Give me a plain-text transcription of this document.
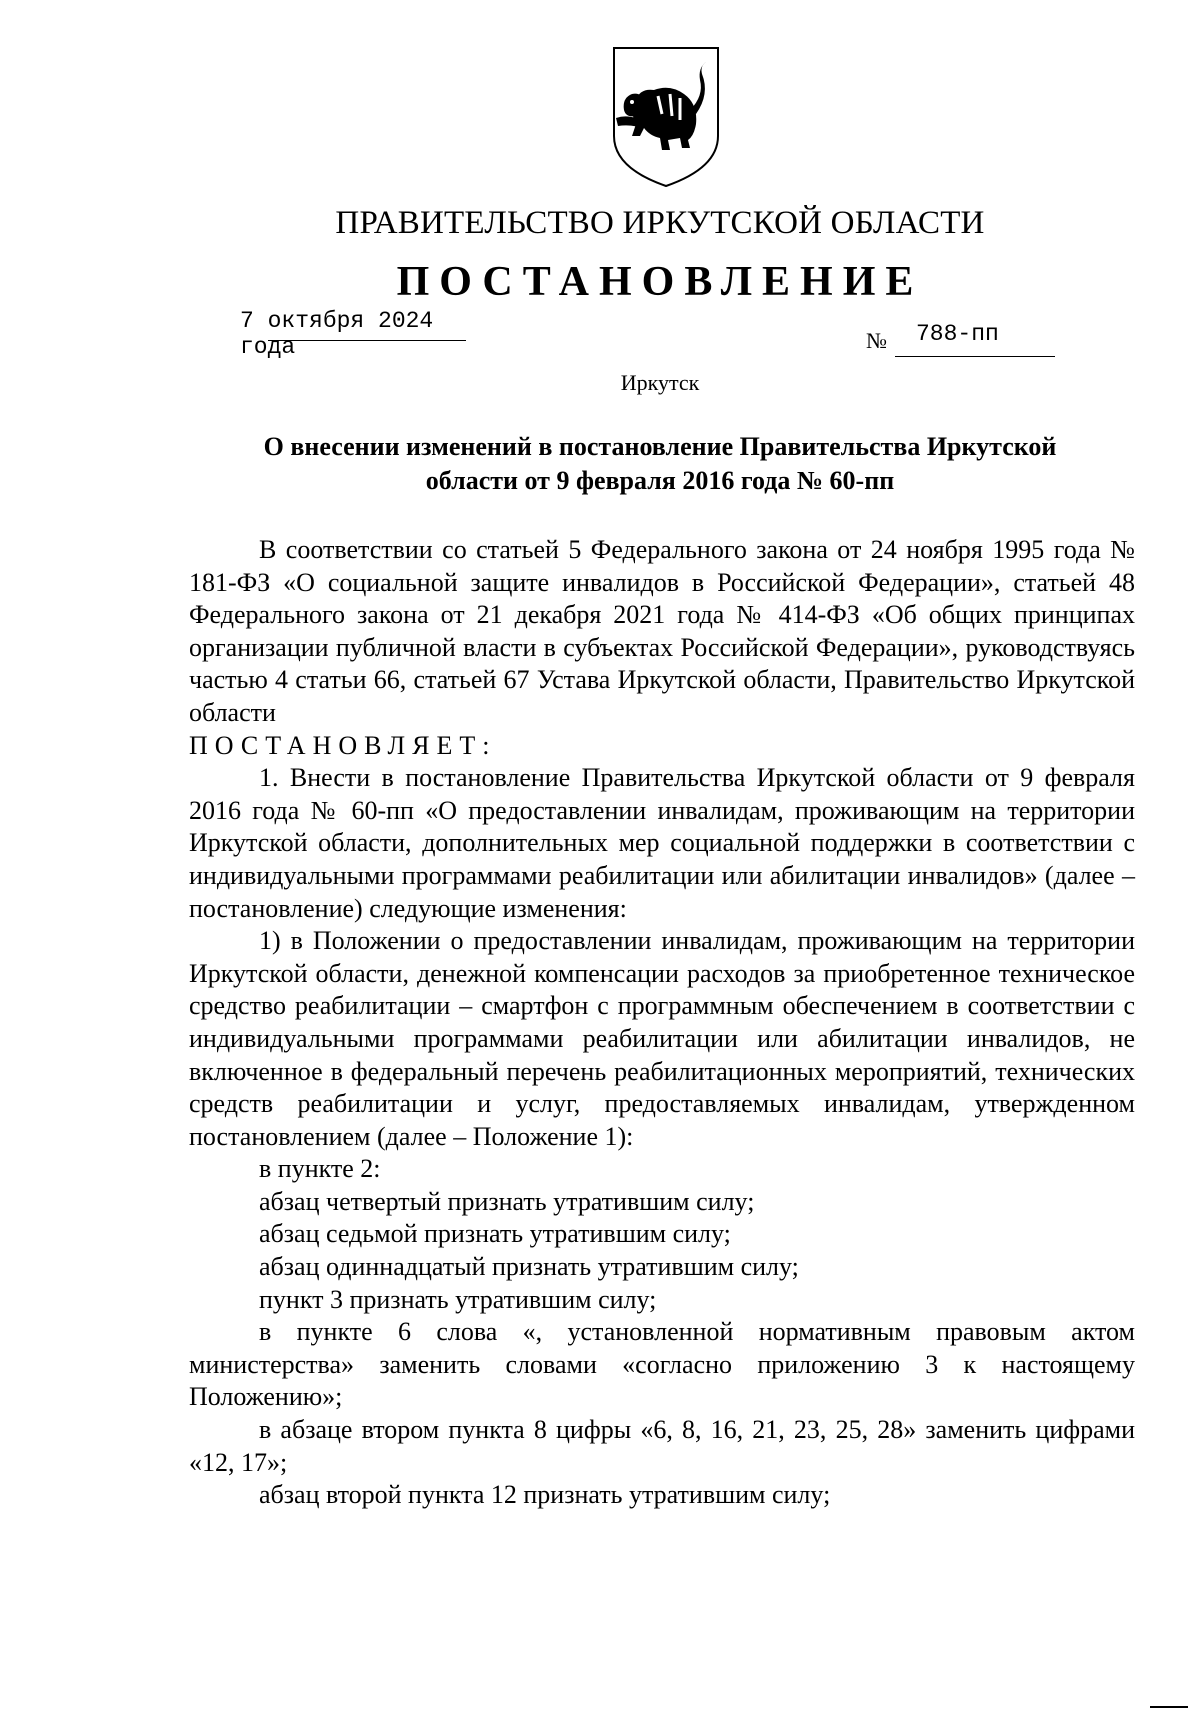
ПРАВИТЕЛЬСТВО ИРКУТСКОЙ ОБЛАСТИ
ПОСТАНОВЛЕНИЕ
7 октября 2024 года	№ 788-пп
Иркутск
О внесении изменений в постановление Правительства Иркутской
области от 9 февраля 2016 года № 60-пп

В соответствии со статьей 5 Федерального закона от 24 ноября 1995 года № 181-ФЗ «О социальной защите инвалидов в Российской Федерации», статьей 48 Федерального закона от 21 декабря 2021 года № 414-ФЗ «Об общих принципах организации публичной власти в субъектах Российской Федерации», руководствуясь частью 4 статьи 66, статьей 67 Устава Иркутской области, Правительство Иркутской области

ПОСТАНОВЛЯЕТ:

1. Внести в постановление Правительства Иркутской области от 9 февраля 2016 года № 60-пп «О предоставлении инвалидам, проживающим на территории Иркутской области, дополнительных мер социальной поддержки в соответствии с индивидуальными программами реабилитации или абилитации инвалидов» (далее – постановление) следующие изменения:

1) в Положении о предоставлении инвалидам, проживающим на территории Иркутской области, денежной компенсации расходов за приобретенное техническое средство реабилитации – смартфон с программным обеспечением в соответствии с индивидуальными программами реабилитации или абилитации инвалидов, не включенное в федеральный перечень реабилитационных мероприятий, технических средств реабилитации и услуг, предоставляемых инвалидам, утвержденном постановлением (далее – Положение 1):

в пункте 2:

абзац четвертый признать утратившим силу;

абзац седьмой признать утратившим силу;

абзац одиннадцатый признать утратившим силу;

пункт 3 признать утратившим силу;

в пункте 6 слова «, установленной нормативным правовым актом министерства» заменить словами «согласно приложению 3 к настоящему Положению»;

в абзаце втором пункта 8 цифры «6, 8, 16, 21, 23, 25, 28» заменить цифрами «12, 17»;

абзац второй пункта 12 признать утратившим силу;
